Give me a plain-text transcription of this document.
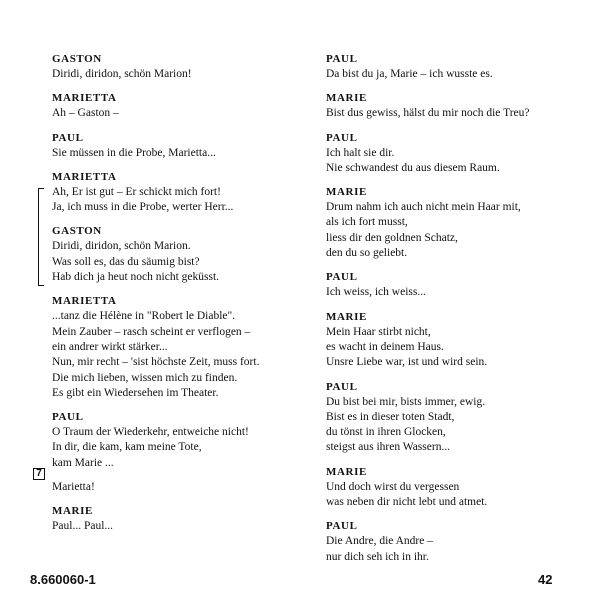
GASTON
Diridi, diridon, schön Marion!
MARIETTA
Ah – Gaston –
PAUL
Sie müssen in die Probe, Marietta...
MARIETTA
Ah, Er ist gut – Er schickt mich fort!
Ja, ich muss in die Probe, werter Herr...
GASTON
Diridi, diridon, schön Marion.
Was soll es, das du säumig bist?
Hab dich ja heut noch nicht geküsst.
MARIETTA
...tanz die Hélène in "Robert le Diable".
Mein Zauber – rasch scheint er verflogen –
ein andrer wirkt stärker...
Nun, mir recht – 'sist höchste Zeit, muss fort.
Die mich lieben, wissen mich zu finden.
Es gibt ein Wiedersehen im Theater.
PAUL
O Traum der Wiederkehr, entweiche nicht!
In dir, die kam, kam meine Tote,
kam Marie ...
Marietta!
MARIE
Paul... Paul...
PAUL
Da bist du ja, Marie – ich wusste es.
MARIE
Bist dus gewiss, hälst du mir noch die Treu?
PAUL
Ich halt sie dir.
Nie schwandest du aus diesem Raum.
MARIE
Drum nahm ich auch nicht mein Haar mit,
als ich fort musst,
liess dir den goldnen Schatz,
den du so geliebt.
PAUL
Ich weiss, ich weiss...
MARIE
Mein Haar stirbt nicht,
es wacht in deinem Haus.
Unsre Liebe war, ist und wird sein.
PAUL
Du bist bei mir, bists immer, ewig.
Bist es in dieser toten Stadt,
du tönst in ihren Glocken,
steigst aus ihren Wassern...
MARIE
Und doch wirst du vergessen
was neben dir nicht lebt und atmet.
PAUL
Die Andre, die Andre –
nur dich seh ich in ihr.
7
8.660060-1	42
